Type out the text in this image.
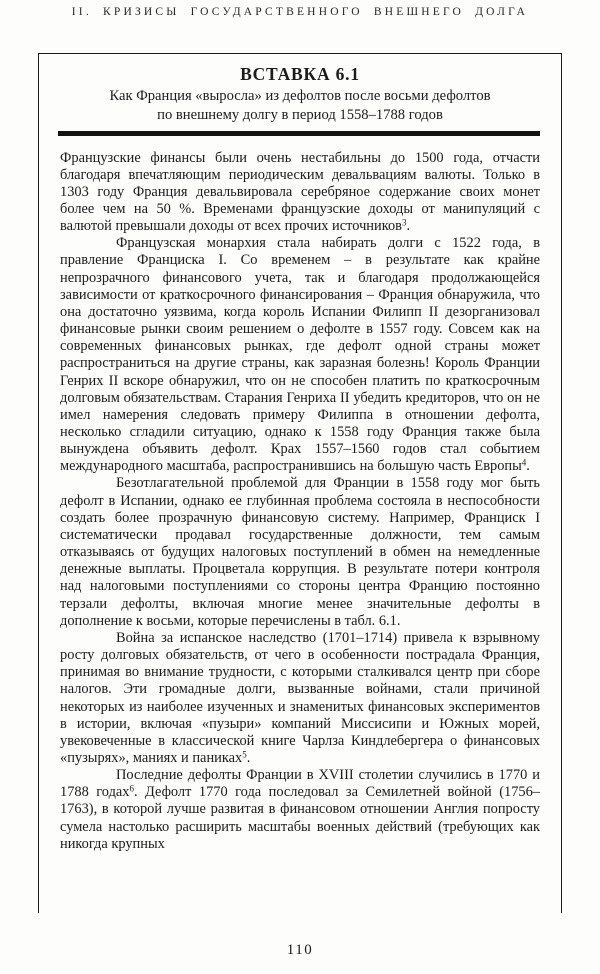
II. КРИЗИСЫ ГОСУДАРСТВЕННОГО ВНЕШНЕГО ДОЛГА
ВСТАВКА 6.1
Как Франция «выросла» из дефолтов после восьми дефолтов
по внешнему долгу в период 1558–1788 годов

Французские финансы были очень нестабильны до 1500 года, отчасти благодаря впечатляющим периодическим девальвациям валюты. Только в 1303 году Франция девальвировала серебряное содержание своих монет более чем на 50 %. Временами французские доходы от манипуляций с валютой превышали доходы от всех прочих источников$^3$.

Французская монархия стала набирать долги с 1522 года, в правление Франциска I. Со временем – в результате как крайне непрозрачного финансового учета, так и благодаря продолжающейся зависимости от краткосрочного финансирования – Франция обнаружила, что она достаточно уязвима, когда король Испании Филипп II дезорганизовал финансовые рынки своим решением о дефолте в 1557 году. Совсем как на современных финансовых рынках, где дефолт одной страны может распространиться на другие страны, как заразная болезнь! Король Франции Генрих II вскоре обнаружил, что он не способен платить по краткосрочным долговым обязательствам. Старания Генриха II убедить кредиторов, что он не имел намерения следовать примеру Филиппа в отношении дефолта, несколько сгладили ситуацию, однако к 1558 году Франция также была вынуждена объявить дефолт. Крах 1557–1560 годов стал событием международного масштаба, распространившись на большую часть Европы$^4$.

Безотлагательной проблемой для Франции в 1558 году мог быть дефолт в Испании, однако ее глубинная проблема состояла в неспособности создать более прозрачную финансовую систему. Например, Франциск I систематически продавал государственные должности, тем самым отказываясь от будущих налоговых поступлений в обмен на немедленные денежные выплаты. Процветала коррупция. В результате потери контроля над налоговыми поступлениями со стороны центра Францию постоянно терзали дефолты, включая многие менее значительные дефолты в дополнение к восьми, которые перечислены в табл. 6.1.

Война за испанское наследство (1701–1714) привела к взрывному росту долговых обязательств, от чего в особенности пострадала Франция, принимая во внимание трудности, с которыми сталкивался центр при сборе налогов. Эти громадные долги, вызванные войнами, стали причиной некоторых из наиболее изученных и знаменитых финансовых экспериментов в истории, включая «пузыри» компаний Миссисипи и Южных морей, увековеченные в классической книге Чарлза Киндлебергера о финансовых «пузырях», маниях и паниках$^5$.

Последние дефолты Франции в XVIII столетии случились в 1770 и 1788 годах$^6$. Дефолт 1770 года последовал за Семилетней войной (1756–1763), в которой лучше развитая в финансовом отношении Англия попросту сумела настолько расширить масштабы военных действий (требующих как никогда крупных

110
